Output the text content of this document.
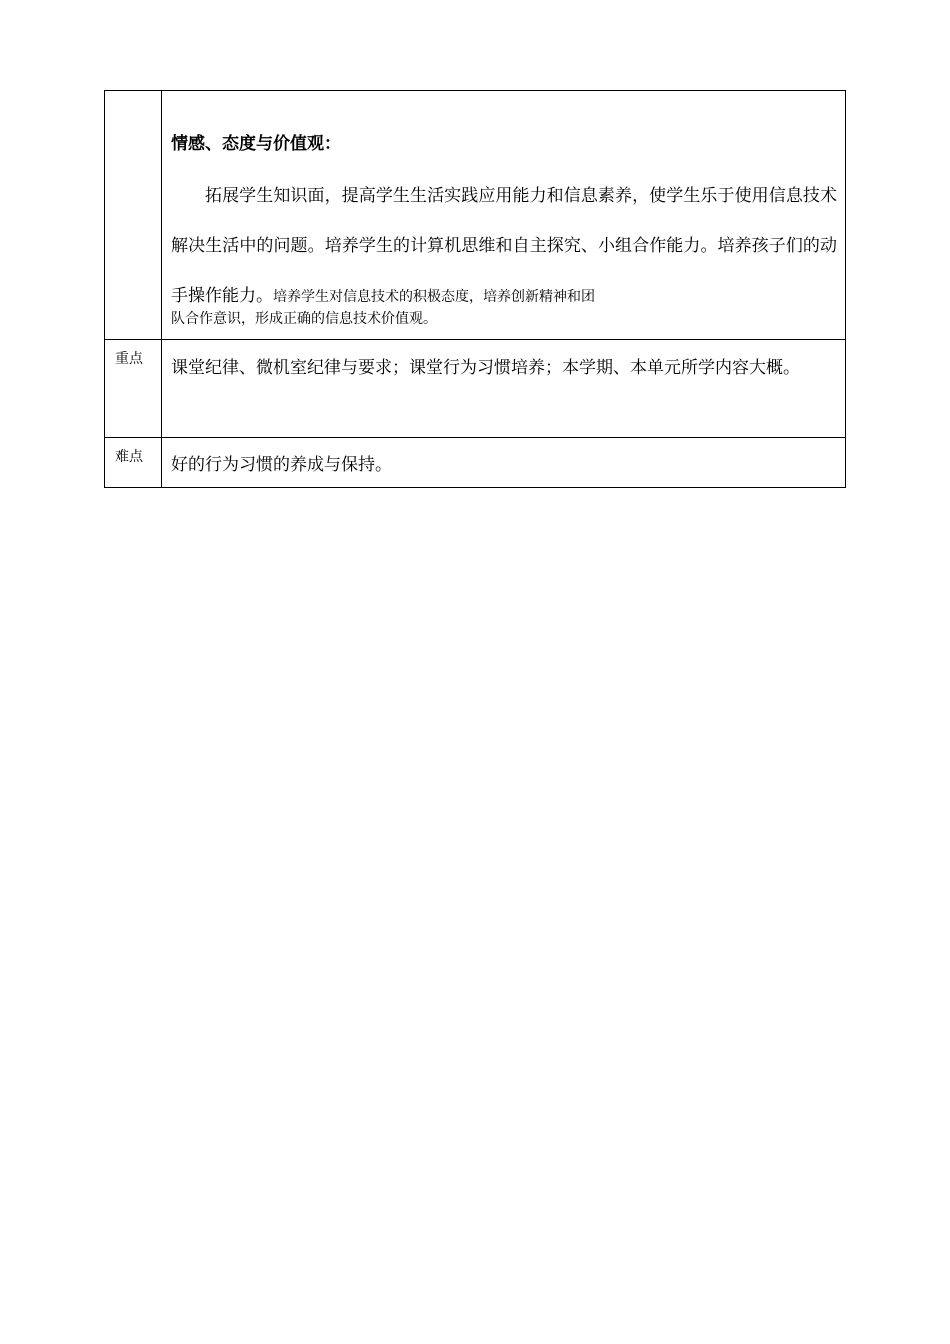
	情感、态度与价值观：

拓展学生知识面，提高学生生活实践应用能力和信息素养，使学生乐于使用信息技术解决生活中的问题。培养学生的计算机思维和自主探究、小组合作能力。培养孩子们的动手操作能力。培养学生对信息技术的积极态度，培养创新精神和团

队合作意识，形成正确的信息技术价值观。

重点	课堂纪律、微机室纪律与要求；课堂行为习惯培养；本学期、本单元所学内容大概。

难点	好的行为习惯的养成与保持。
